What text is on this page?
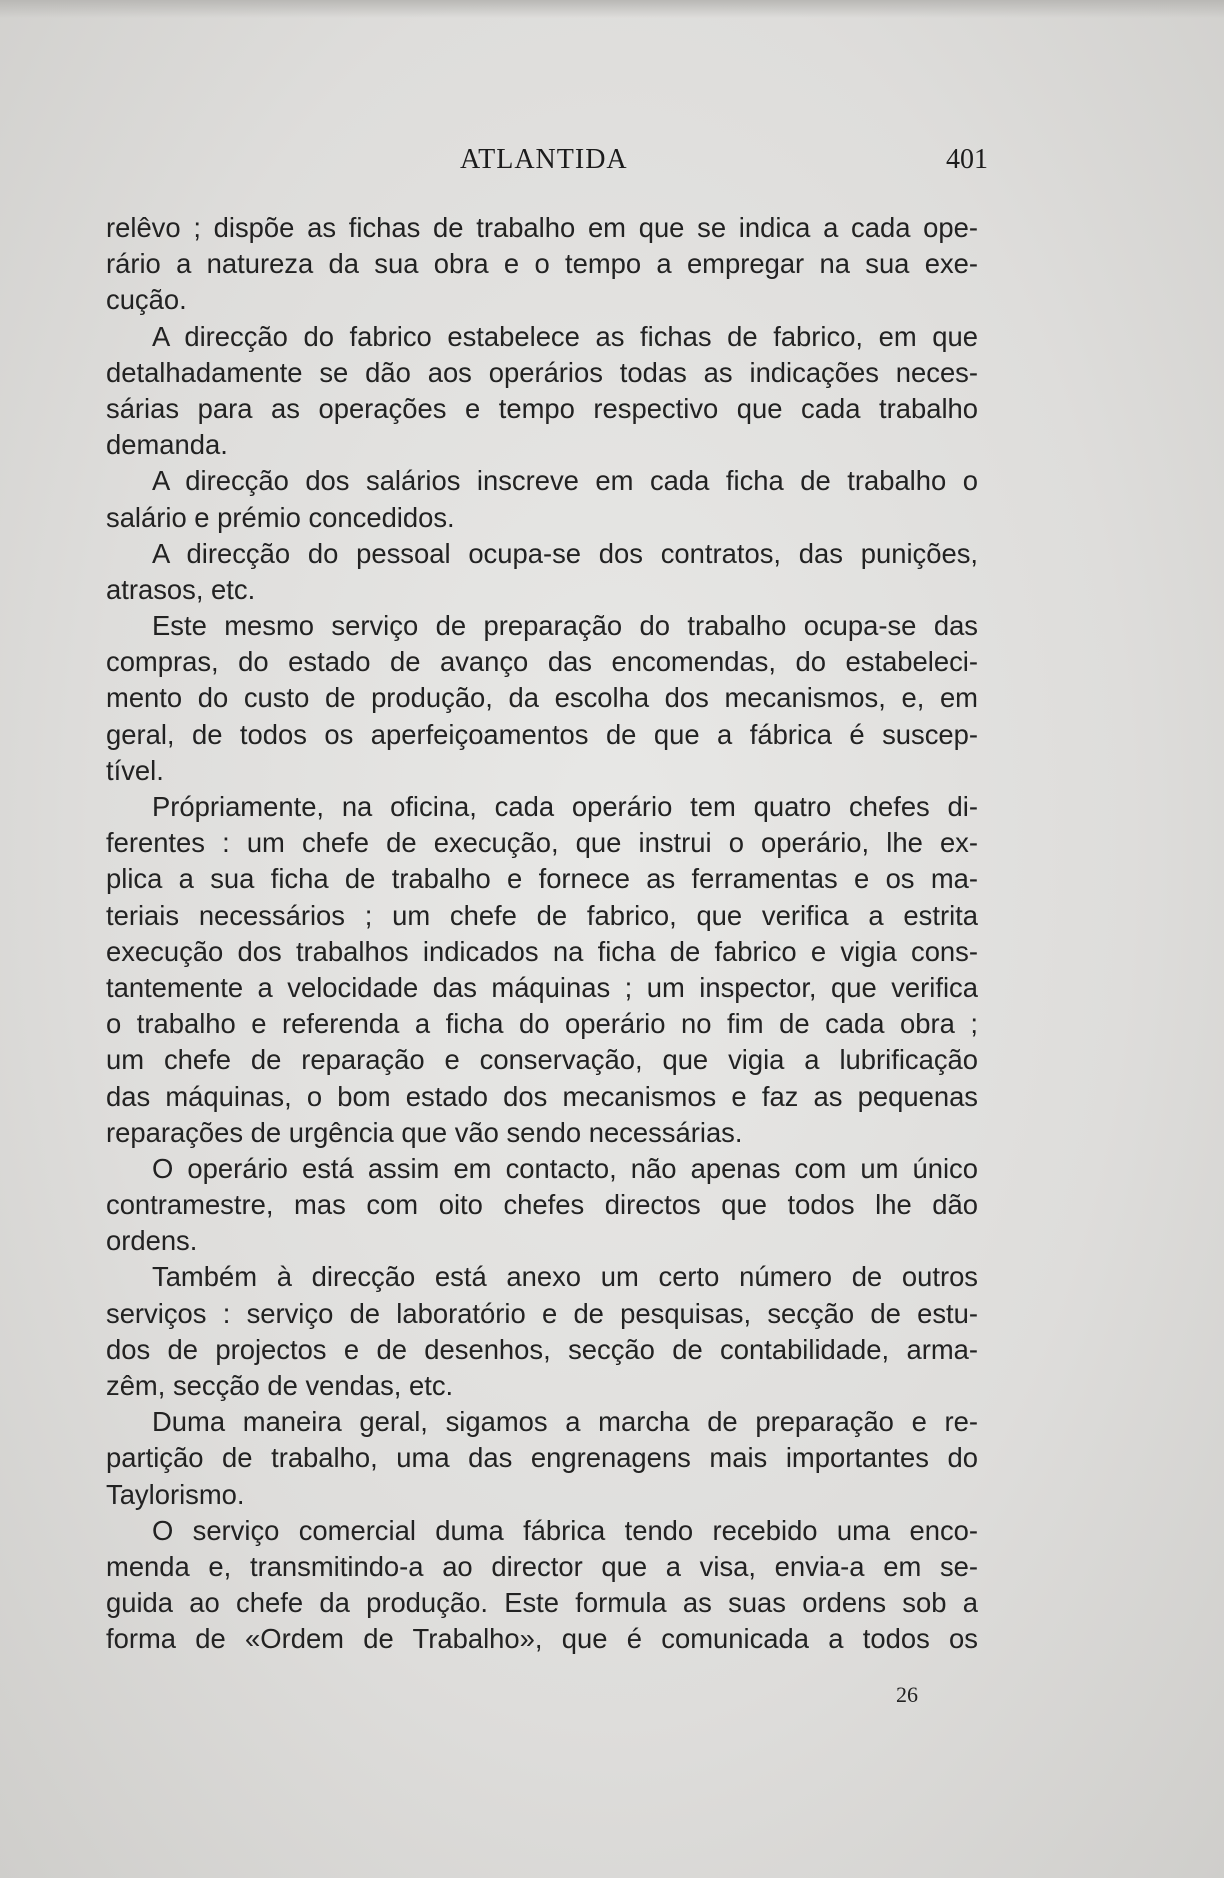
ATLANTIDA	401
relêvo ; dispõe as fichas de trabalho em que se indica a cada ope-
rário a natureza da sua obra e o tempo a empregar na sua exe-
cução.
A direcção do fabrico estabelece as fichas de fabrico, em que
detalhadamente se dão aos operários todas as indicações neces-
sárias para as operações e tempo respectivo que cada trabalho
demanda.
A direcção dos salários inscreve em cada ficha de trabalho o
salário e prémio concedidos.
A direcção do pessoal ocupa-se dos contratos, das punições,
atrasos, etc.
Este mesmo serviço de preparação do trabalho ocupa-se das
compras, do estado de avanço das encomendas, do estabeleci-
mento do custo de produção, da escolha dos mecanismos, e, em
geral, de todos os aperfeiçoamentos de que a fábrica é suscep-
tível.
Própriamente, na oficina, cada operário tem quatro chefes di-
ferentes : um chefe de execução, que instrui o operário, lhe ex-
plica a sua ficha de trabalho e fornece as ferramentas e os ma-
teriais necessários ; um chefe de fabrico, que verifica a estrita
execução dos trabalhos indicados na ficha de fabrico e vigia cons-
tantemente a velocidade das máquinas ; um inspector, que verifica
o trabalho e referenda a ficha do operário no fim de cada obra ;
um chefe de reparação e conservação, que vigia a lubrificação
das máquinas, o bom estado dos mecanismos e faz as pequenas
reparações de urgência que vão sendo necessárias.
O operário está assim em contacto, não apenas com um único
contramestre, mas com oito chefes directos que todos lhe dão
ordens.
Também à direcção está anexo um certo número de outros
serviços : serviço de laboratório e de pesquisas, secção de estu-
dos de projectos e de desenhos, secção de contabilidade, arma-
zêm, secção de vendas, etc.
Duma maneira geral, sigamos a marcha de preparação e re-
partição de trabalho, uma das engrenagens mais importantes do
Taylorismo.
O serviço comercial duma fábrica tendo recebido uma enco-
menda e, transmitindo-a ao director que a visa, envia-a em se-
guida ao chefe da produção. Este formula as suas ordens sob a
forma de «Ordem de Trabalho», que é comunicada a todos os
26
